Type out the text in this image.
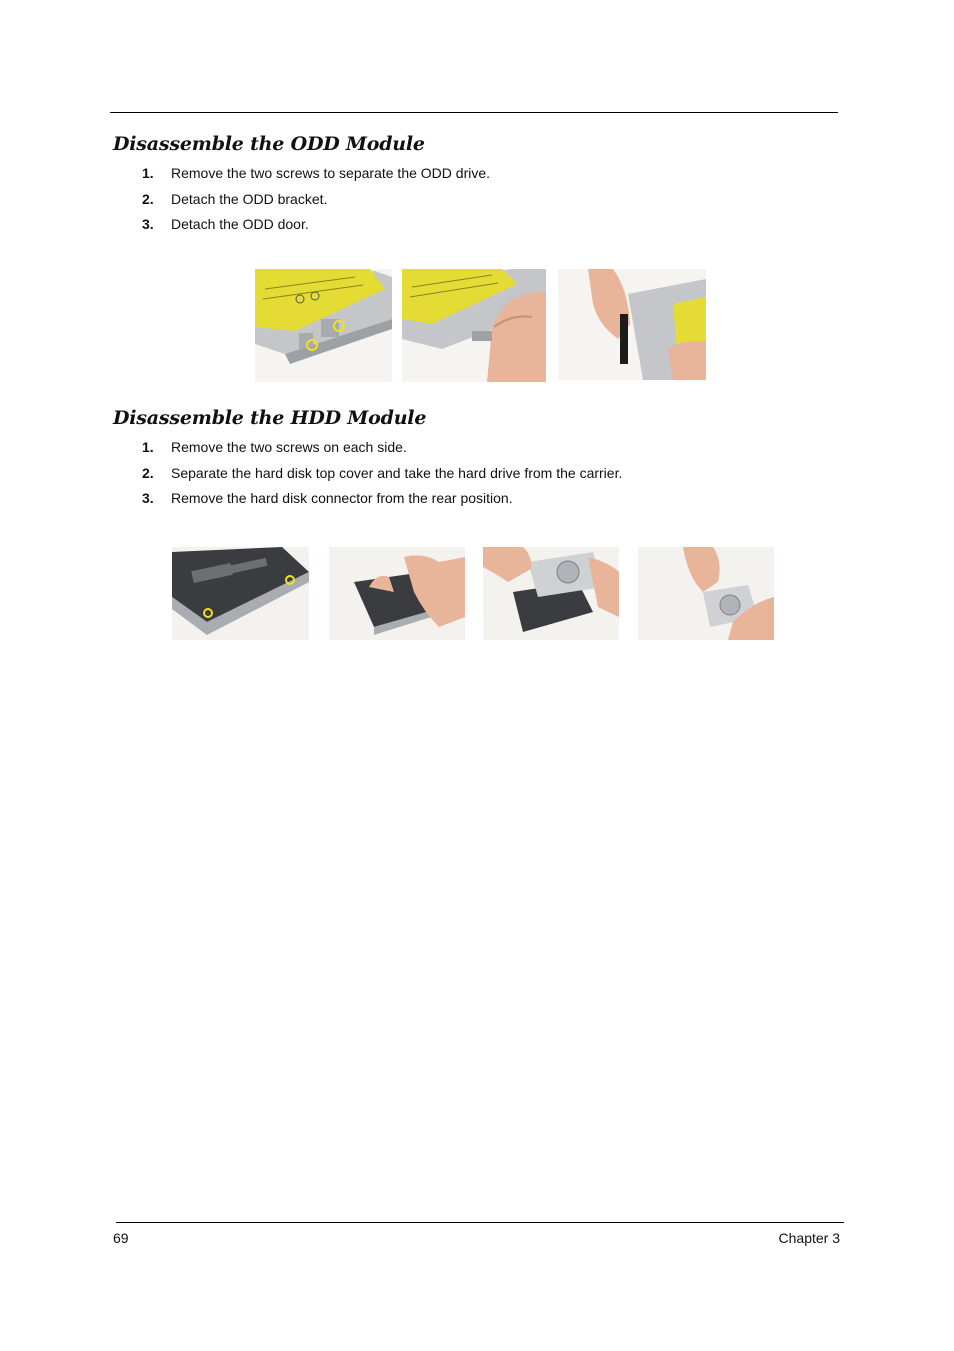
Disassemble the ODD Module
1. Remove the two screws to separate the ODD drive.
2. Detach the ODD bracket.
3. Detach the ODD door.
Disassemble the HDD Module
1. Remove the two screws on each side.
2. Separate the hard disk top cover and take the hard drive from the carrier.
3. Remove the hard disk connector from the rear position.
69	Chapter 3
